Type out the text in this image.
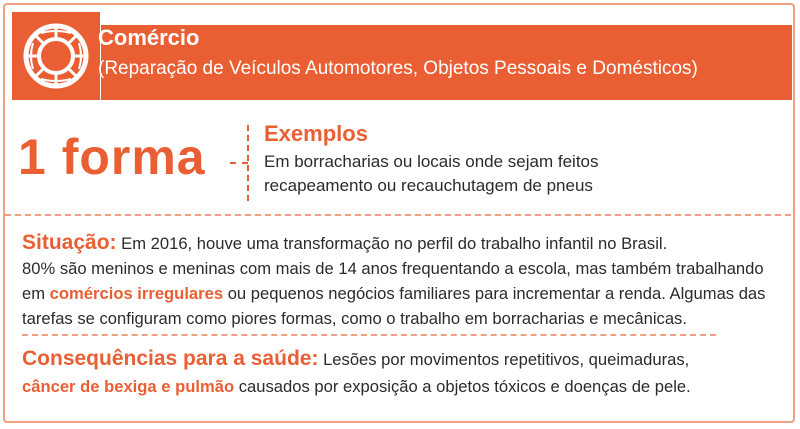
Comércio
(Reparação de Veículos Automotores, Objetos Pessoais e Domésticos)
1 forma	Exemplos
Em borracharias ou locais onde sejam feitos
recapeamento ou recauchutagem de pneus
Situação: Em 2016, houve uma transformação no perfil do trabalho infantil no Brasil.
80% são meninos e meninas com mais de 14 anos frequentando a escola, mas também trabalhando
em comércios irregulares ou pequenos negócios familiares para incrementar a renda. Algumas das tarefas se configuram como piores formas, como o trabalho em borracharias e mecânicas.
Consequências para a saúde: Lesões por movimentos repetitivos, queimaduras,
câncer de bexiga e pulmão causados por exposição a objetos tóxicos e doenças de pele.
